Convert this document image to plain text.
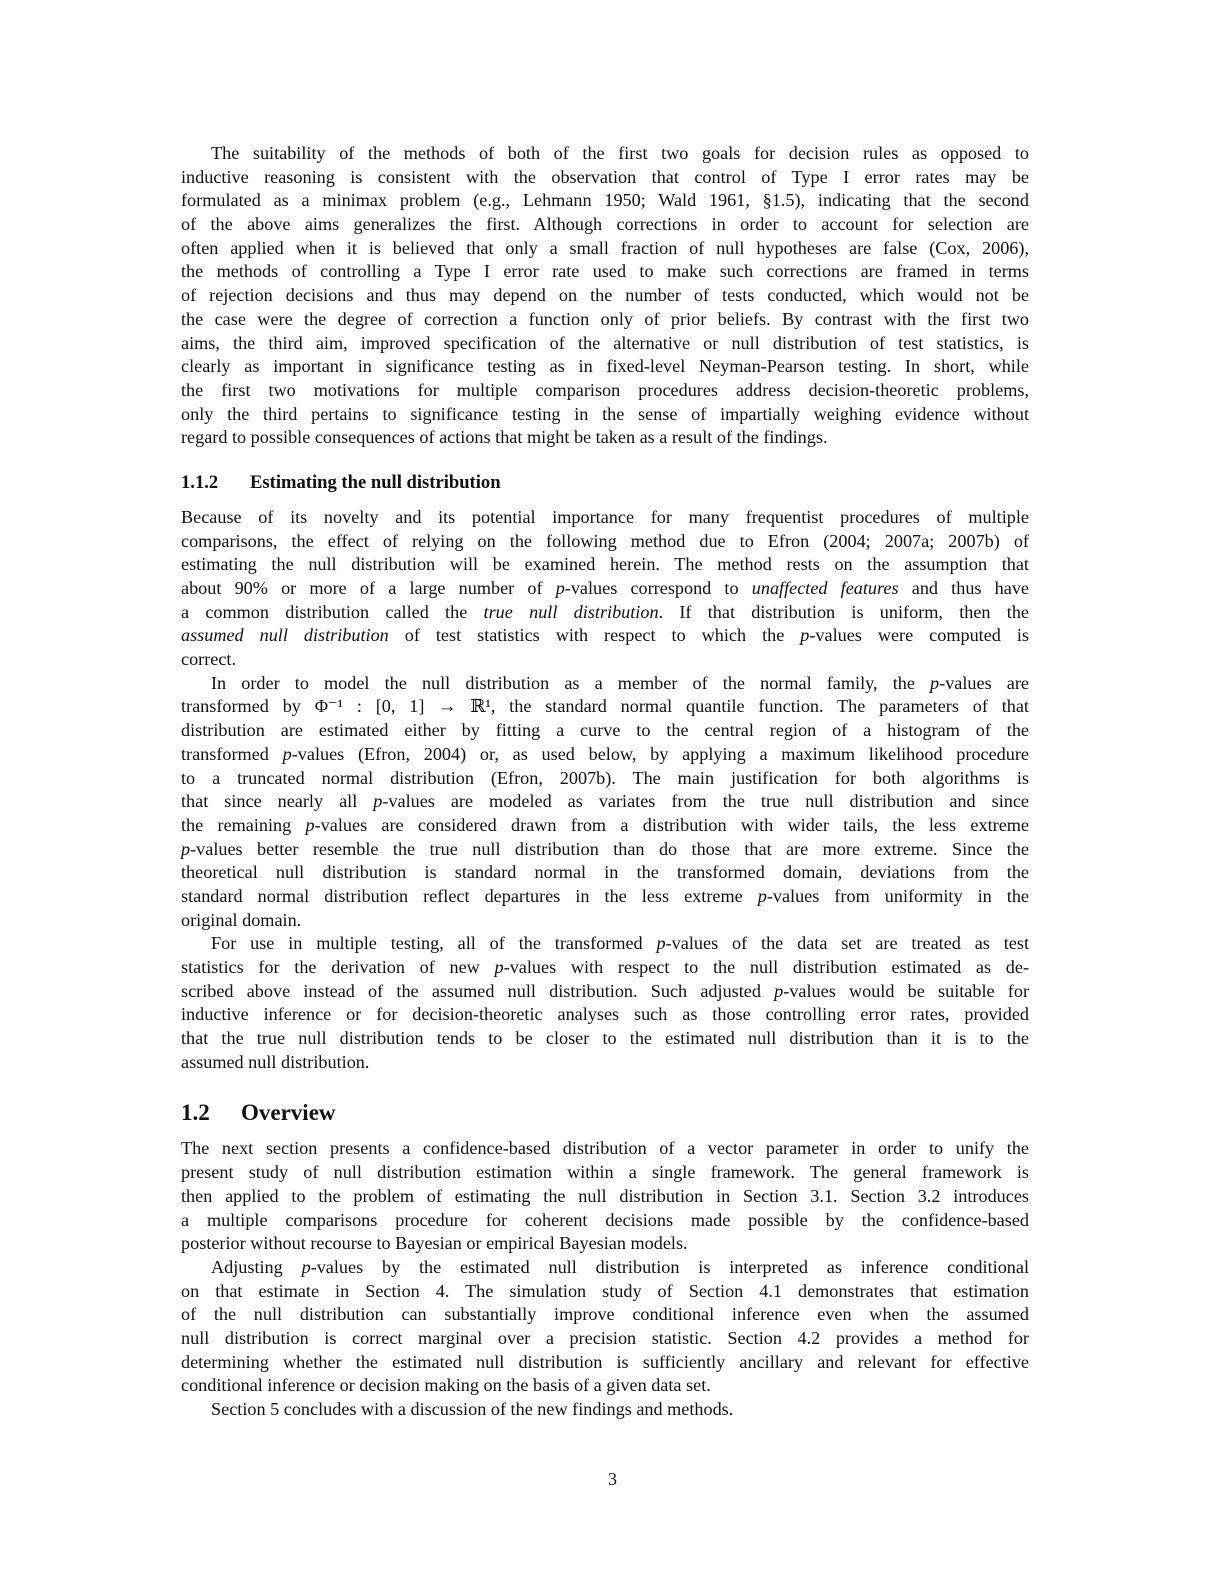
The suitability of the methods of both of the first two goals for decision rules as opposed to
inductive reasoning is consistent with the observation that control of Type I error rates may be
formulated as a minimax problem (e.g., Lehmann 1950; Wald 1961, §1.5), indicating that the second
of the above aims generalizes the first. Although corrections in order to account for selection are
often applied when it is believed that only a small fraction of null hypotheses are false (Cox, 2006),
the methods of controlling a Type I error rate used to make such corrections are framed in terms
of rejection decisions and thus may depend on the number of tests conducted, which would not be
the case were the degree of correction a function only of prior beliefs. By contrast with the first two
aims, the third aim, improved specification of the alternative or null distribution of test statistics, is
clearly as important in significance testing as in fixed-level Neyman-Pearson testing. In short, while
the first two motivations for multiple comparison procedures address decision-theoretic problems,
only the third pertains to significance testing in the sense of impartially weighing evidence without
regard to possible consequences of actions that might be taken as a result of the findings.
1.1.2 Estimating the null distribution
Because of its novelty and its potential importance for many frequentist procedures of multiple
comparisons, the effect of relying on the following method due to Efron (2004; 2007a; 2007b) of
estimating the null distribution will be examined herein. The method rests on the assumption that
about 90% or more of a large number of p-values correspond to unaffected features and thus have
a common distribution called the true null distribution. If that distribution is uniform, then the
assumed null distribution of test statistics with respect to which the p-values were computed is
correct.
In order to model the null distribution as a member of the normal family, the p-values are
transformed by Φ⁻¹ : [0, 1] → ℝ¹, the standard normal quantile function. The parameters of that
distribution are estimated either by fitting a curve to the central region of a histogram of the
transformed p-values (Efron, 2004) or, as used below, by applying a maximum likelihood procedure
to a truncated normal distribution (Efron, 2007b). The main justification for both algorithms is
that since nearly all p-values are modeled as variates from the true null distribution and since
the remaining p-values are considered drawn from a distribution with wider tails, the less extreme
p-values better resemble the true null distribution than do those that are more extreme. Since the
theoretical null distribution is standard normal in the transformed domain, deviations from the
standard normal distribution reflect departures in the less extreme p-values from uniformity in the
original domain.
For use in multiple testing, all of the transformed p-values of the data set are treated as test
statistics for the derivation of new p-values with respect to the null distribution estimated as de-
scribed above instead of the assumed null distribution. Such adjusted p-values would be suitable for
inductive inference or for decision-theoretic analyses such as those controlling error rates, provided
that the true null distribution tends to be closer to the estimated null distribution than it is to the
assumed null distribution.
1.2 Overview
The next section presents a confidence-based distribution of a vector parameter in order to unify the
present study of null distribution estimation within a single framework. The general framework is
then applied to the problem of estimating the null distribution in Section 3.1. Section 3.2 introduces
a multiple comparisons procedure for coherent decisions made possible by the confidence-based
posterior without recourse to Bayesian or empirical Bayesian models.
Adjusting p-values by the estimated null distribution is interpreted as inference conditional
on that estimate in Section 4. The simulation study of Section 4.1 demonstrates that estimation
of the null distribution can substantially improve conditional inference even when the assumed
null distribution is correct marginal over a precision statistic. Section 4.2 provides a method for
determining whether the estimated null distribution is sufficiently ancillary and relevant for effective
conditional inference or decision making on the basis of a given data set.
Section 5 concludes with a discussion of the new findings and methods.
3
